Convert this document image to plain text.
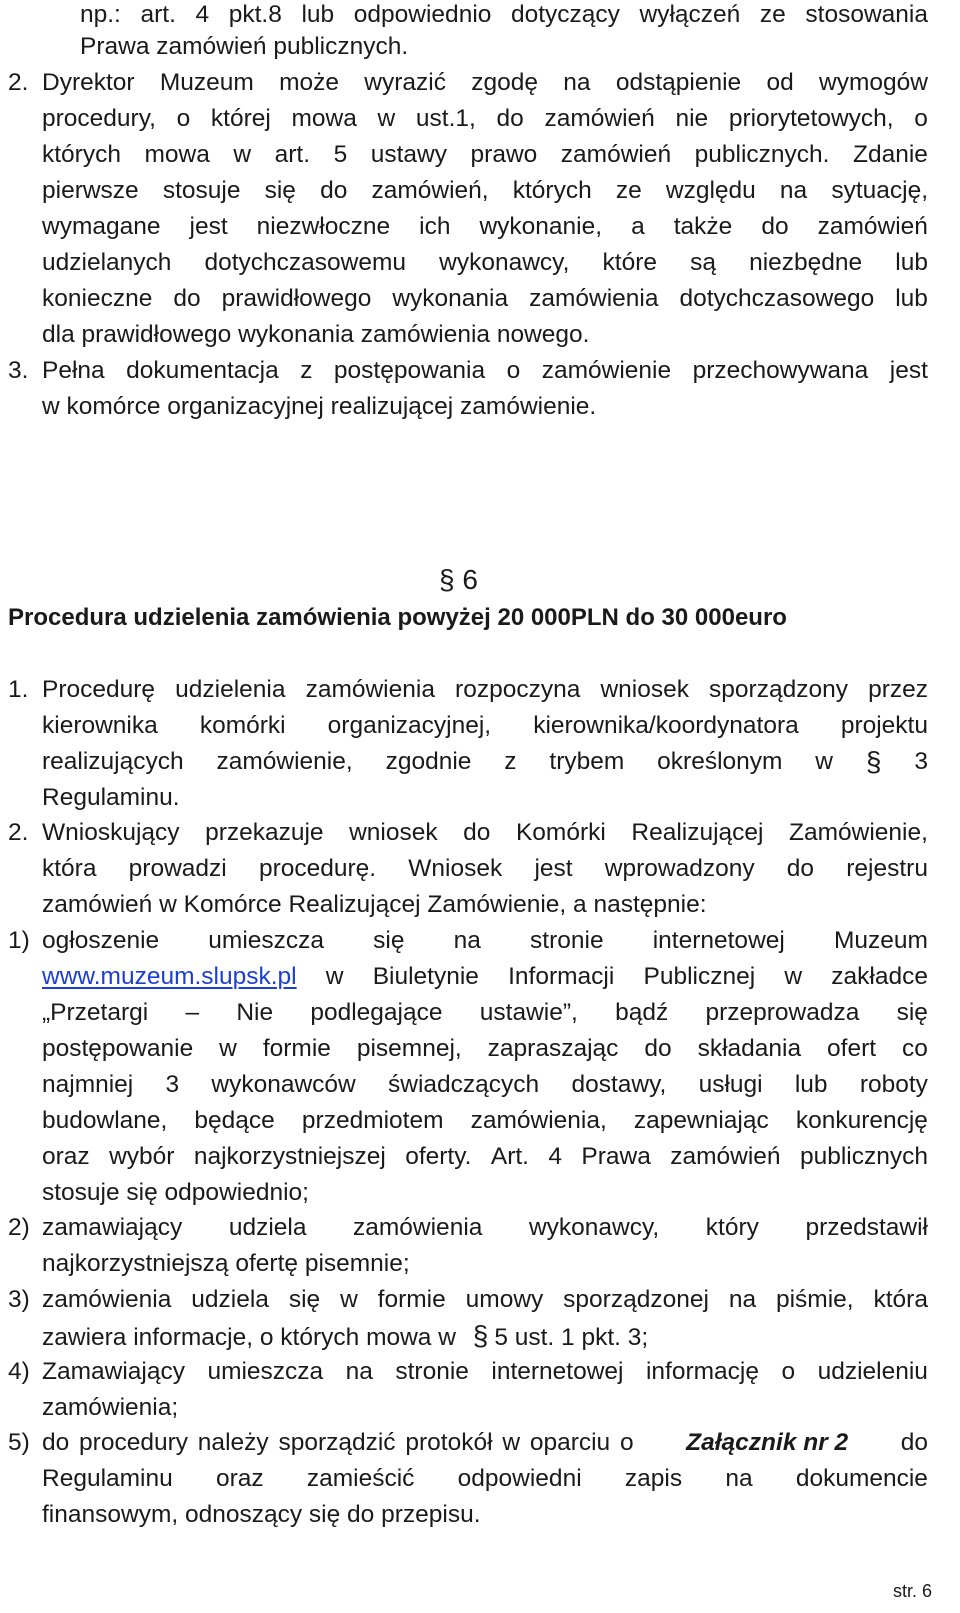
np.: art. 4 pkt.8 lub odpowiednio dotyczący wyłączeń ze stosowania
Prawa zamówień publicznych.
2. Dyrektor Muzeum może wyrazić zgodę na odstąpienie od wymogów
procedury, o której mowa w ust.1, do zamówień nie priorytetowych, o
których mowa w art. 5 ustawy prawo zamówień publicznych. Zdanie
pierwsze stosuje się do zamówień, których ze względu na sytuację,
wymagane jest niezwłoczne ich wykonanie, a także do zamówień
udzielanych dotychczasowemu wykonawcy, które są niezbędne lub
konieczne do prawidłowego wykonania zamówienia dotychczasowego lub
dla prawidłowego wykonania zamówienia nowego.
3. Pełna dokumentacja z postępowania o zamówienie przechowywana jest
w komórce organizacyjnej realizującej zamówienie.
§ 6
Procedura udzielenia zamówienia powyżej 20 000PLN do 30 000euro
1. Procedurę udzielenia zamówienia rozpoczyna wniosek sporządzony przez
kierownika komórki organizacyjnej, kierownika/koordynatora projektu
realizujących zamówienie, zgodnie z trybem określonym w § 3
Regulaminu.
2. Wnioskujący przekazuje wniosek do Komórki Realizującej Zamówienie,
która prowadzi procedurę. Wniosek jest wprowadzony do rejestru
zamówień w Komórce Realizującej Zamówienie, a następnie:
1) ogłoszenie umieszcza się na stronie internetowej Muzeum
www.muzeum.slupsk.pl w Biuletynie Informacji Publicznej w zakładce
„Przetargi – Nie podlegające ustawie”, bądź przeprowadza się
postępowanie w formie pisemnej, zapraszając do składania ofert co
najmniej 3 wykonawców świadczących dostawy, usługi lub roboty
budowlane, będące przedmiotem zamówienia, zapewniając konkurencję
oraz wybór najkorzystniejszej oferty. Art. 4 Prawa zamówień publicznych
stosuje się odpowiednio;
2) zamawiający udziela zamówienia wykonawcy, który przedstawił
najkorzystniejszą ofertę pisemnie;
3) zamówienia udziela się w formie umowy sporządzonej na piśmie, która
zawiera informacje, o których mowa w § 5 ust. 1 pkt. 3;
4) Zamawiający umieszcza na stronie internetowej informację o udzieleniu
zamówienia;
5) do procedury należy sporządzić protokół w oparciu o Załącznik nr 2 do
Regulaminu oraz zamieścić odpowiedni zapis na dokumencie
finansowym, odnoszący się do przepisu.
str. 6
